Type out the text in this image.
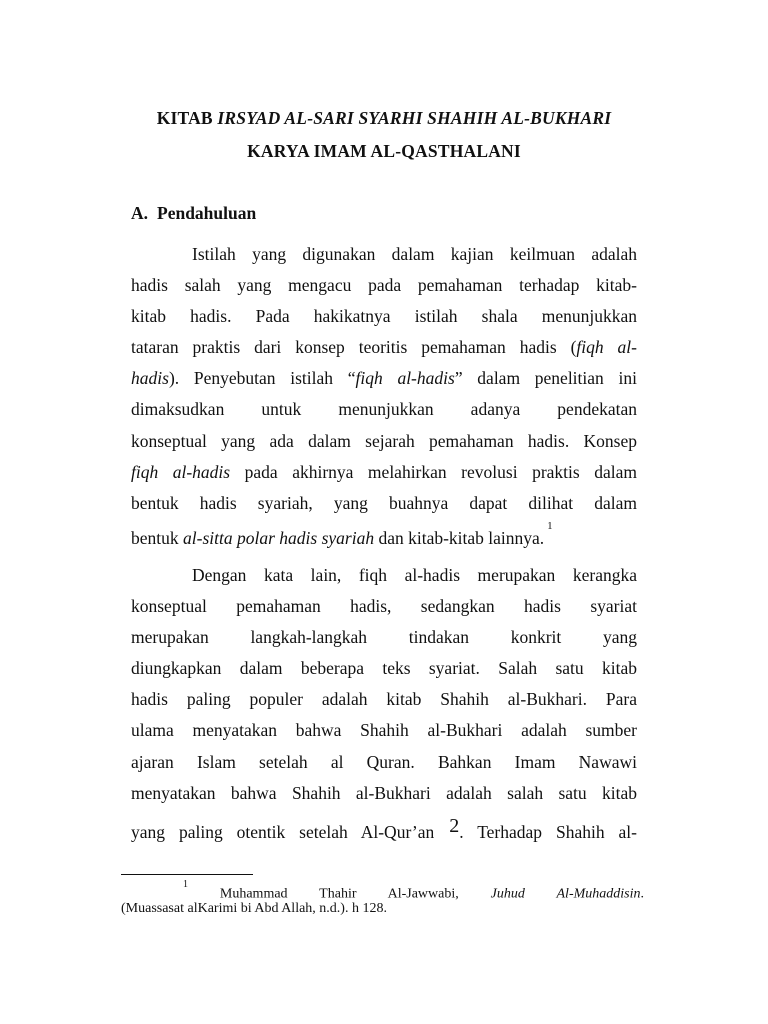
KITAB IRSYAD AL-SARI SYARHI SHAHIH AL-BUKHARI
KARYA IMAM AL-QASTHALANI
A. Pendahuluan
Istilah yang digunakan dalam kajian keilmuan adalah
hadis salah yang mengacu pada pemahaman terhadap kitab-
kitab hadis. Pada hakikatnya istilah shala menunjukkan
tataran praktis dari konsep teoritis pemahaman hadis (fiqh al-
hadis). Penyebutan istilah “fiqh al-hadis” dalam penelitian ini
dimaksudkan untuk menunjukkan adanya pendekatan
konseptual yang ada dalam sejarah pemahaman hadis. Konsep
fiqh al-hadis pada akhirnya melahirkan revolusi praktis dalam
bentuk hadis syariah, yang buahnya dapat dilihat dalam
bentuk al-sitta polar hadis syariah dan kitab-kitab lainnya.$^1$
Dengan kata lain, fiqh al-hadis merupakan kerangka
konseptual pemahaman hadis, sedangkan hadis syariat
merupakan langkah-langkah tindakan konkrit yang
diungkapkan dalam beberapa teks syariat. Salah satu kitab
hadis paling populer adalah kitab Shahih al-Bukhari. Para
ulama menyatakan bahwa Shahih al-Bukhari adalah sumber
ajaran Islam setelah al Quran. Bahkan Imam Nawawi
menyatakan bahwa Shahih al-Bukhari adalah salah satu kitab
yang paling otentik setelah Al-Qur’an 2. Terhadap Shahih al-
$^1$ Muhammad Thahir Al-Jawwabi, Juhud Al-Muhaddisin.
(Muassasat alKarimi bi Abd Allah, n.d.). h 128.
